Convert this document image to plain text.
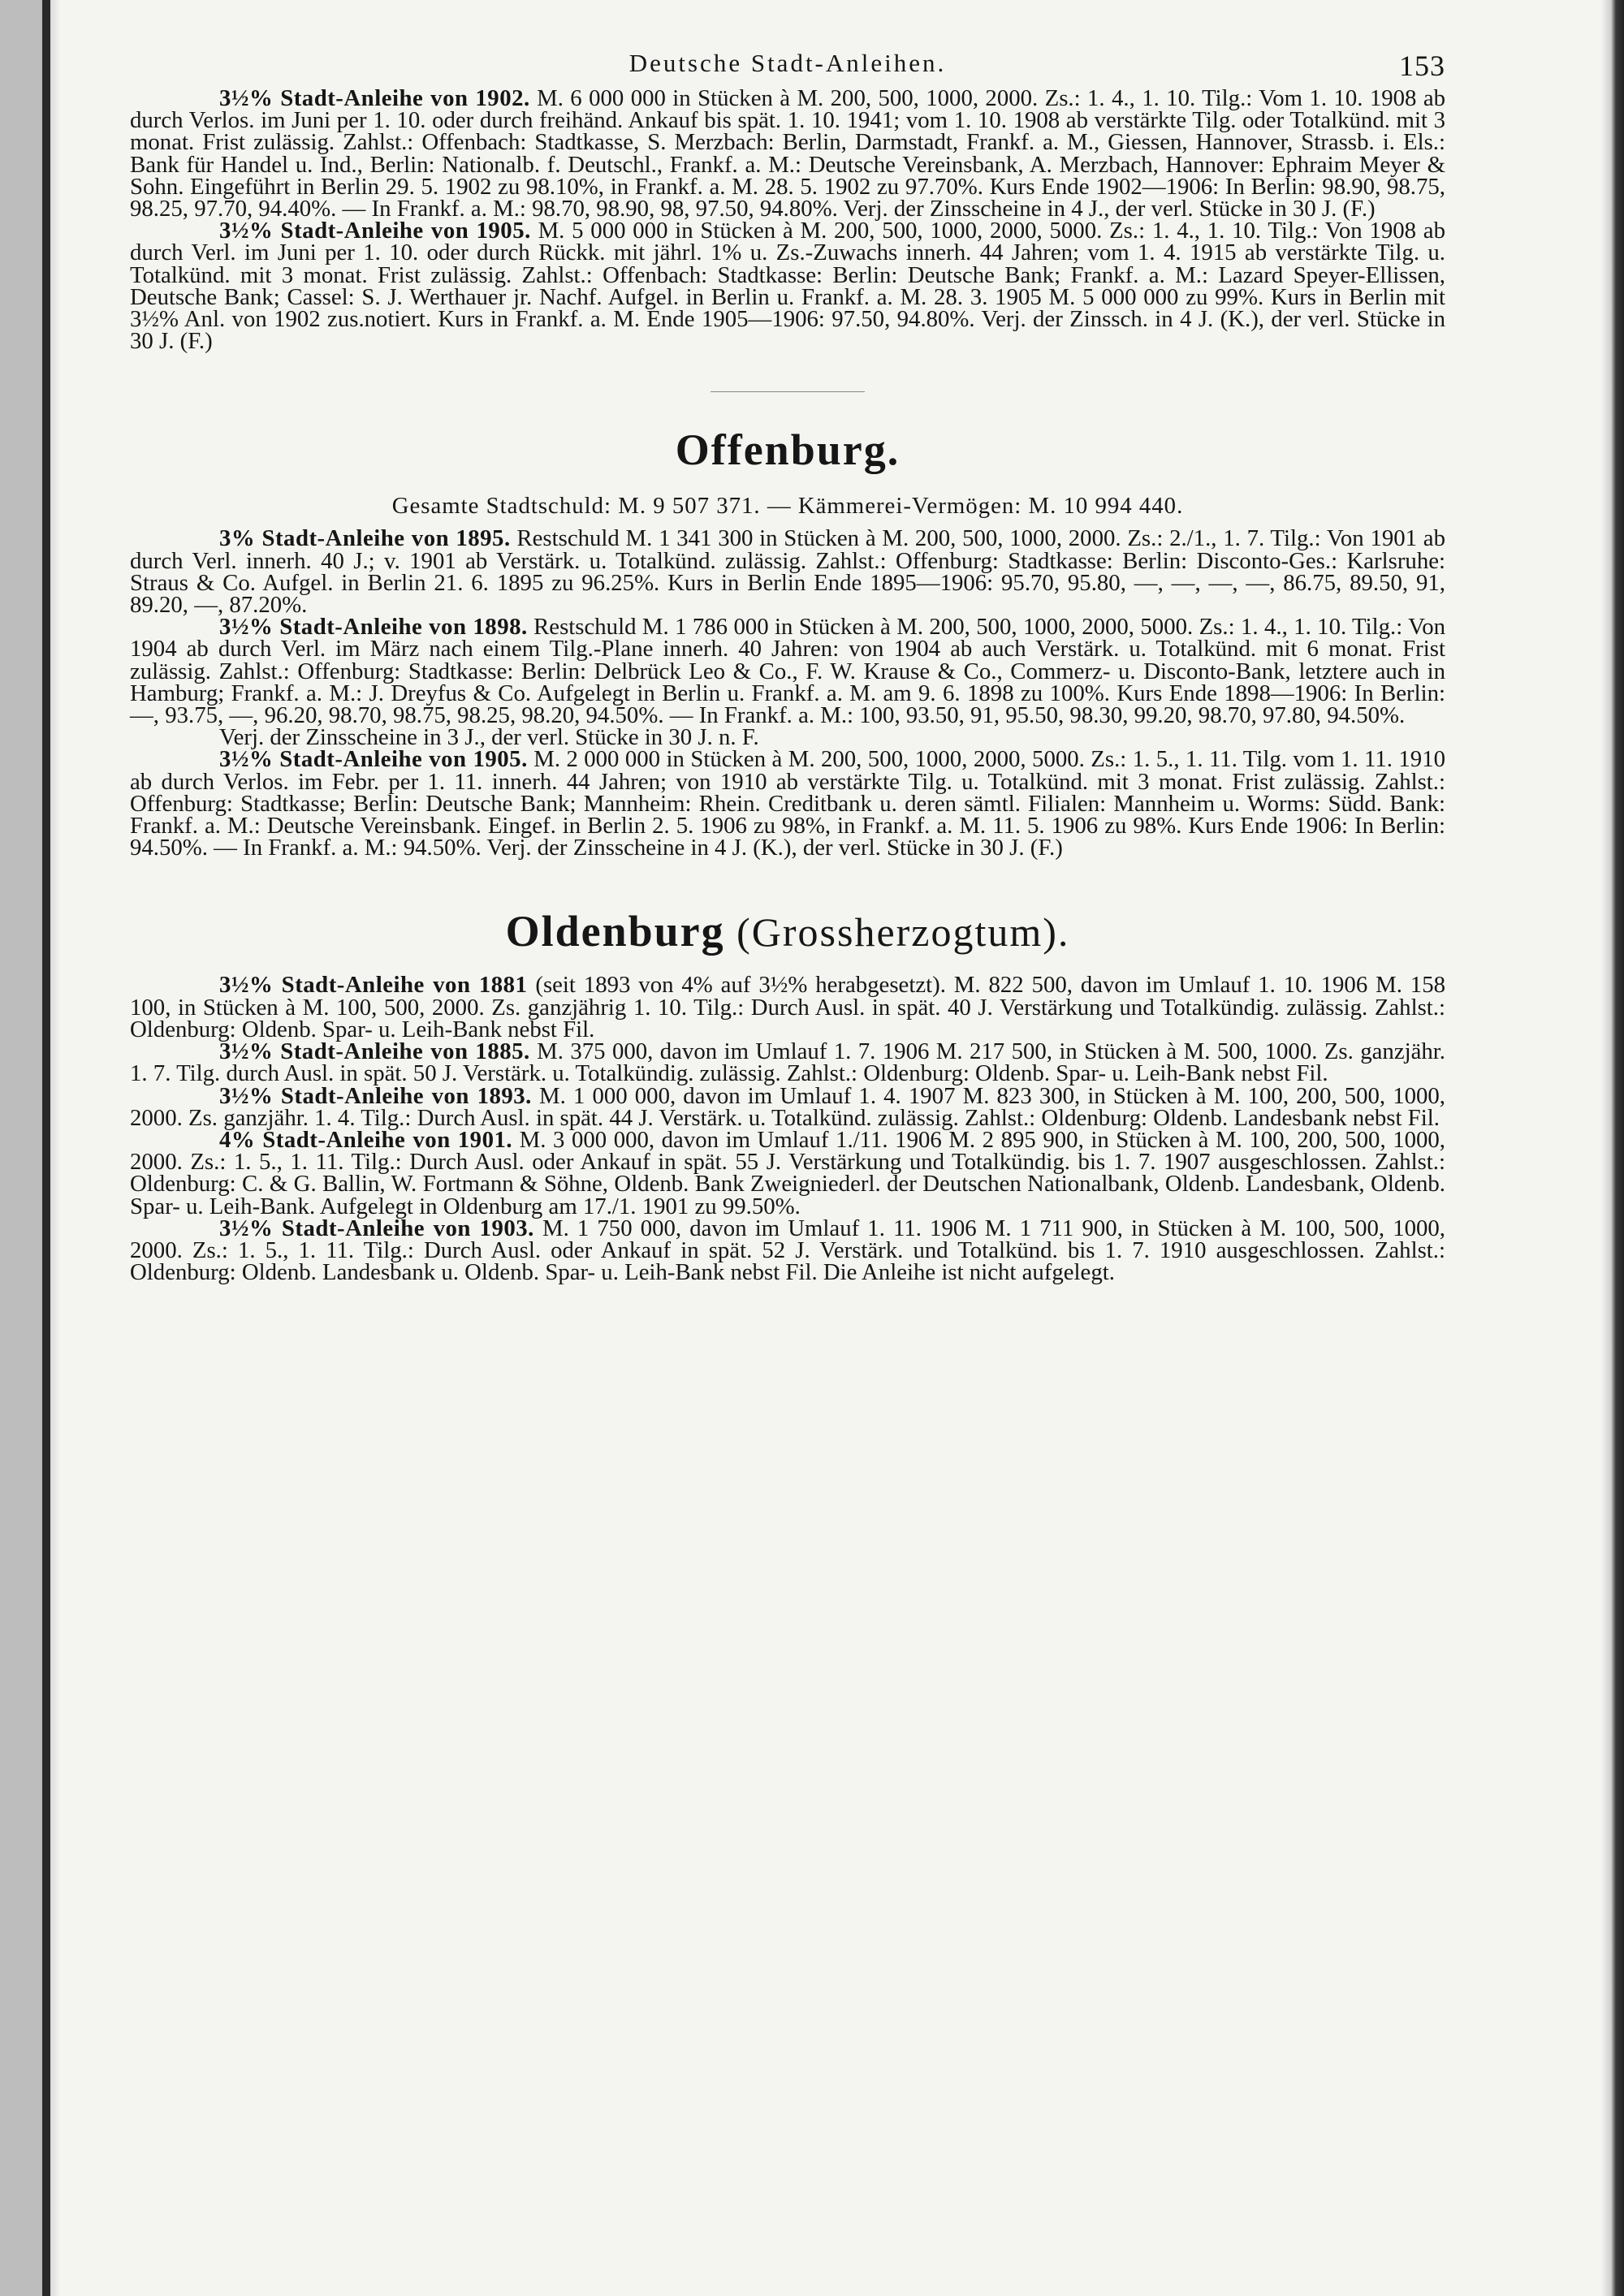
Deutsche Stadt-Anleihen.	153

3½% Stadt-Anleihe von 1902. M. 6 000 000 in Stücken à M. 200, 500, 1000, 2000. Zs.: 1. 4., 1. 10. Tilg.: Vom 1. 10. 1908 ab durch Verlos. im Juni per 1. 10. oder durch freihänd. Ankauf bis spät. 1. 10. 1941; vom 1. 10. 1908 ab verstärkte Tilg. oder Totalkünd. mit 3 monat. Frist zulässig. Zahlst.: Offenbach: Stadtkasse, S. Merzbach: Berlin, Darmstadt, Frankf. a. M., Giessen, Hannover, Strassb. i. Els.: Bank für Handel u. Ind., Berlin: Nationalb. f. Deutschl., Frankf. a. M.: Deutsche Vereinsbank, A. Merzbach, Hannover: Ephraim Meyer & Sohn. Eingeführt in Berlin 29. 5. 1902 zu 98.10%, in Frankf. a. M. 28. 5. 1902 zu 97.70%. Kurs Ende 1902—1906: In Berlin: 98.90, 98.75, 98.25, 97.70, 94.40%. — In Frankf. a. M.: 98.70, 98.90, 98, 97.50, 94.80%. Verj. der Zinsscheine in 4 J., der verl. Stücke in 30 J. (F.)

3½% Stadt-Anleihe von 1905. M. 5 000 000 in Stücken à M. 200, 500, 1000, 2000, 5000. Zs.: 1. 4., 1. 10. Tilg.: Von 1908 ab durch Verl. im Juni per 1. 10. oder durch Rückk. mit jährl. 1% u. Zs.-Zuwachs innerh. 44 Jahren; vom 1. 4. 1915 ab verstärkte Tilg. u. Totalkünd. mit 3 monat. Frist zulässig. Zahlst.: Offenbach: Stadtkasse: Berlin: Deutsche Bank; Frankf. a. M.: Lazard Speyer-Ellissen, Deutsche Bank; Cassel: S. J. Werthauer jr. Nachf. Aufgel. in Berlin u. Frankf. a. M. 28. 3. 1905 M. 5 000 000 zu 99%. Kurs in Berlin mit 3½% Anl. von 1902 zus.notiert. Kurs in Frankf. a. M. Ende 1905—1906: 97.50, 94.80%. Verj. der Zinssch. in 4 J. (K.), der verl. Stücke in 30 J. (F.)

Offenburg.

Gesamte Stadtschuld: M. 9 507 371. — Kämmerei-Vermögen: M. 10 994 440.

3% Stadt-Anleihe von 1895. Restschuld M. 1 341 300 in Stücken à M. 200, 500, 1000, 2000. Zs.: 2./1., 1. 7. Tilg.: Von 1901 ab durch Verl. innerh. 40 J.; v. 1901 ab Verstärk. u. Totalkünd. zulässig. Zahlst.: Offenburg: Stadtkasse: Berlin: Disconto-Ges.: Karlsruhe: Straus & Co. Aufgel. in Berlin 21. 6. 1895 zu 96.25%. Kurs in Berlin Ende 1895—1906: 95.70, 95.80, —, —, —, —, 86.75, 89.50, 91, 89.20, —, 87.20%.

3½% Stadt-Anleihe von 1898. Restschuld M. 1 786 000 in Stücken à M. 200, 500, 1000, 2000, 5000. Zs.: 1. 4., 1. 10. Tilg.: Von 1904 ab durch Verl. im März nach einem Tilg.-Plane innerh. 40 Jahren: von 1904 ab auch Verstärk. u. Totalkünd. mit 6 monat. Frist zulässig. Zahlst.: Offenburg: Stadtkasse: Berlin: Delbrück Leo & Co., F. W. Krause & Co., Commerz- u. Disconto-Bank, letztere auch in Hamburg; Frankf. a. M.: J. Dreyfus & Co. Aufgelegt in Berlin u. Frankf. a. M. am 9. 6. 1898 zu 100%. Kurs Ende 1898—1906: In Berlin: —, 93.75, —, 96.20, 98.70, 98.75, 98.25, 98.20, 94.50%. — In Frankf. a. M.: 100, 93.50, 91, 95.50, 98.30, 99.20, 98.70, 97.80, 94.50%.

Verj. der Zinsscheine in 3 J., der verl. Stücke in 30 J. n. F.

3½% Stadt-Anleihe von 1905. M. 2 000 000 in Stücken à M. 200, 500, 1000, 2000, 5000. Zs.: 1. 5., 1. 11. Tilg. vom 1. 11. 1910 ab durch Verlos. im Febr. per 1. 11. innerh. 44 Jahren; von 1910 ab verstärkte Tilg. u. Totalkünd. mit 3 monat. Frist zulässig. Zahlst.: Offenburg: Stadtkasse; Berlin: Deutsche Bank; Mannheim: Rhein. Creditbank u. deren sämtl. Filialen: Mannheim u. Worms: Südd. Bank: Frankf. a. M.: Deutsche Vereinsbank. Eingef. in Berlin 2. 5. 1906 zu 98%, in Frankf. a. M. 11. 5. 1906 zu 98%. Kurs Ende 1906: In Berlin: 94.50%. — In Frankf. a. M.: 94.50%. Verj. der Zinsscheine in 4 J. (K.), der verl. Stücke in 30 J. (F.)

Oldenburg (Grossherzogtum).

3½% Stadt-Anleihe von 1881 (seit 1893 von 4% auf 3½% herabgesetzt). M. 822 500, davon im Umlauf 1. 10. 1906 M. 158 100, in Stücken à M. 100, 500, 2000. Zs. ganzjährig 1. 10. Tilg.: Durch Ausl. in spät. 40 J. Verstärkung und Totalkündig. zulässig. Zahlst.: Oldenburg: Oldenb. Spar- u. Leih-Bank nebst Fil.

3½% Stadt-Anleihe von 1885. M. 375 000, davon im Umlauf 1. 7. 1906 M. 217 500, in Stücken à M. 500, 1000. Zs. ganzjähr. 1. 7. Tilg. durch Ausl. in spät. 50 J. Verstärk. u. Totalkündig. zulässig. Zahlst.: Oldenburg: Oldenb. Spar- u. Leih-Bank nebst Fil.

3½% Stadt-Anleihe von 1893. M. 1 000 000, davon im Umlauf 1. 4. 1907 M. 823 300, in Stücken à M. 100, 200, 500, 1000, 2000. Zs. ganzjähr. 1. 4. Tilg.: Durch Ausl. in spät. 44 J. Verstärk. u. Totalkünd. zulässig. Zahlst.: Oldenburg: Oldenb. Landesbank nebst Fil.

4% Stadt-Anleihe von 1901. M. 3 000 000, davon im Umlauf 1./11. 1906 M. 2 895 900, in Stücken à M. 100, 200, 500, 1000, 2000. Zs.: 1. 5., 1. 11. Tilg.: Durch Ausl. oder Ankauf in spät. 55 J. Verstärkung und Totalkündig. bis 1. 7. 1907 ausgeschlossen. Zahlst.: Oldenburg: C. & G. Ballin, W. Fortmann & Söhne, Oldenb. Bank Zweigniederl. der Deutschen Nationalbank, Oldenb. Landesbank, Oldenb. Spar- u. Leih-Bank. Aufgelegt in Oldenburg am 17./1. 1901 zu 99.50%.

3½% Stadt-Anleihe von 1903. M. 1 750 000, davon im Umlauf 1. 11. 1906 M. 1 711 900, in Stücken à M. 100, 500, 1000, 2000. Zs.: 1. 5., 1. 11. Tilg.: Durch Ausl. oder Ankauf in spät. 52 J. Verstärk. und Totalkünd. bis 1. 7. 1910 ausgeschlossen. Zahlst.: Oldenburg: Oldenb. Landesbank u. Oldenb. Spar- u. Leih-Bank nebst Fil. Die Anleihe ist nicht aufgelegt.
